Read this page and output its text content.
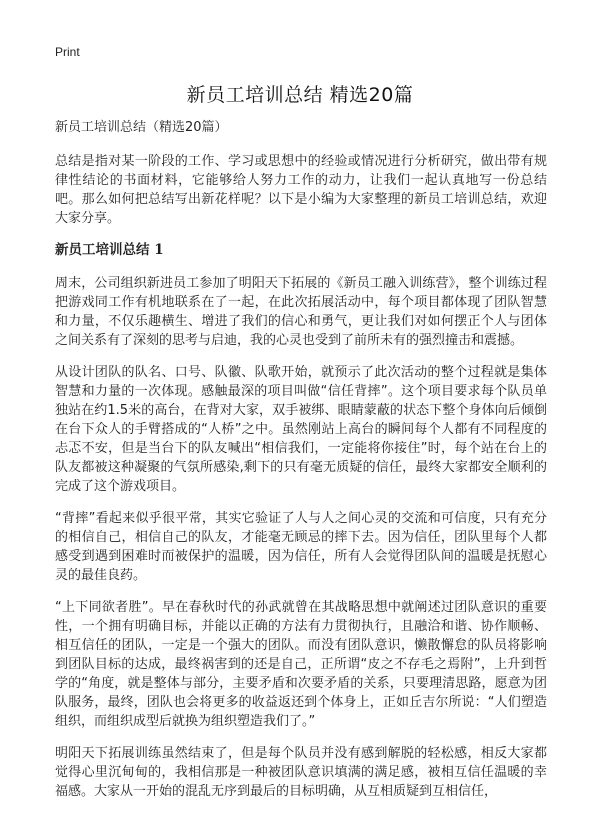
Print
新员工培训总结 精选20篇

新员工培训总结（精选20篇）

总结是指对某一阶段的工作、学习或思想中的经验或情况进行分析研究，做出带有规律性结论的书面材料，它能够给人努力工作的动力，让我们一起认真地写一份总结吧。那么如何把总结写出新花样呢？以下是小编为大家整理的新员工培训总结，欢迎大家分享。

新员工培训总结 1

周末，公司组织新进员工参加了明阳天下拓展的《新员工融入训练营》，整个训练过程把游戏同工作有机地联系在了一起，在此次拓展活动中，每个项目都体现了团队智慧和力量，不仅乐趣横生、增进了我们的信心和勇气，更让我们对如何摆正个人与团体之间关系有了深刻的思考与启迪，我的心灵也受到了前所未有的强烈撞击和震撼。

从设计团队的队名、口号、队徽、队歌开始，就预示了此次活动的整个过程就是集体智慧和力量的一次体现。感触最深的项目叫做“信任背摔”。这个项目要求每个队员单独站在约1.5米的高台，在背对大家，双手被绑、眼睛蒙蔽的状态下整个身体向后倾倒在台下众人的手臂搭成的“人桥”之中。虽然刚站上高台的瞬间每个人都有不同程度的忐忑不安，但是当台下的队友喊出“相信我们，一定能将你接住”时，每个站在台上的队友都被这种凝聚的气氛所感染,剩下的只有毫无质疑的信任，最终大家都安全顺利的完成了这个游戏项目。

“背摔”看起来似乎很平常，其实它验证了人与人之间心灵的交流和可信度，只有充分的相信自己，相信自己的队友，才能毫无顾忌的摔下去。因为信任，团队里每个人都感受到遇到困难时而被保护的温暖，因为信任，所有人会觉得团队间的温暖是抚慰心灵的最佳良药。

“上下同欲者胜”。早在春秋时代的孙武就曾在其战略思想中就阐述过团队意识的重要性，一个拥有明确目标，并能以正确的方法有力贯彻执行，且融洽和谐、协作顺畅、相互信任的团队，一定是一个强大的团队。而没有团队意识，懒散懈怠的队员将影响到团队目标的达成，最终祸害到的还是自己，正所谓“皮之不存毛之焉附”，上升到哲学的“角度，就是整体与部分，主要矛盾和次要矛盾的关系，只要理清思路，愿意为团队服务，最终，团队也会将更多的收益返还到个体身上，正如丘吉尔所说：“人们塑造组织，而组织成型后就换为组织塑造我们了。”

明阳天下拓展训练虽然结束了，但是每个队员并没有感到解脱的轻松感，相反大家都觉得心里沉甸甸的，我相信那是一种被团队意识填满的满足感，被相互信任温暖的幸福感。大家从一开始的混乱无序到最后的目标明确，从互相质疑到互相信任，
